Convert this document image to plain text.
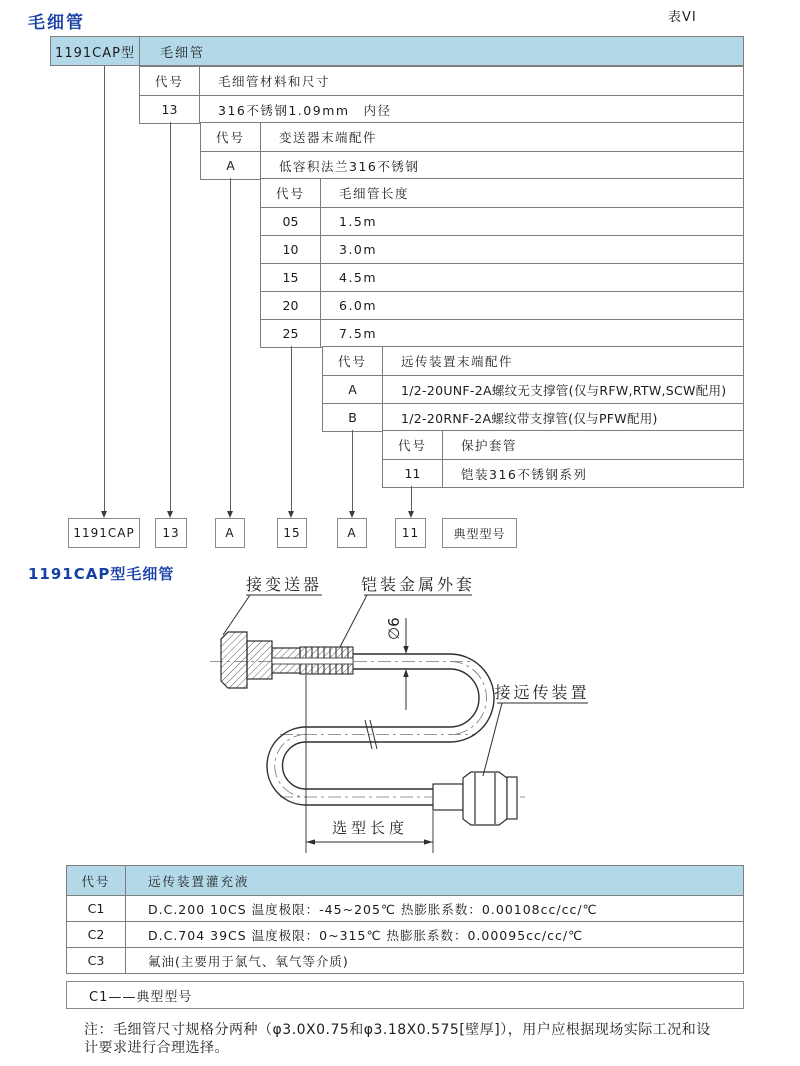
毛细管	表VI
1191CAP型	毛细管
代号	毛细管材料和尺寸
13	316不锈钢1.09mm　内径
代号	变送器末端配件
A	低容积法兰316不锈钢
代号	毛细管长度
05	1.5m
10	3.0m
15	4.5m
20	6.0m
25	7.5m
代号	远传装置末端配件
A	1/2-20UNF-2A螺纹无支撑管(仅与RFW,RTW,SCW配用)
B	1/2-20RNF-2A螺纹带支撑管(仅与PFW配用)
代号	保护套管
11	铠装316不锈钢系列
1191CAP	13	A	15	A	11	典型型号
1191CAP型毛细管
∅6
接变送器 铠装金属外套
接远传装置
选型长度
代号	远传装置灌充液
C1	D.C.200 10CS 温度极限：-45~205℃ 热膨胀系数：0.00108cc/cc/℃
C2	D.C.704 39CS 温度极限：0~315℃ 热膨胀系数：0.00095cc/cc/℃
C3	氟油(主要用于氯气、氧气等介质)
C1——典型型号
注：毛细管尺寸规格分两种（φ3.0X0.75和φ3.18X0.575[壁厚]），用户应根据现场实际工况和设计要求进行合理选择。
